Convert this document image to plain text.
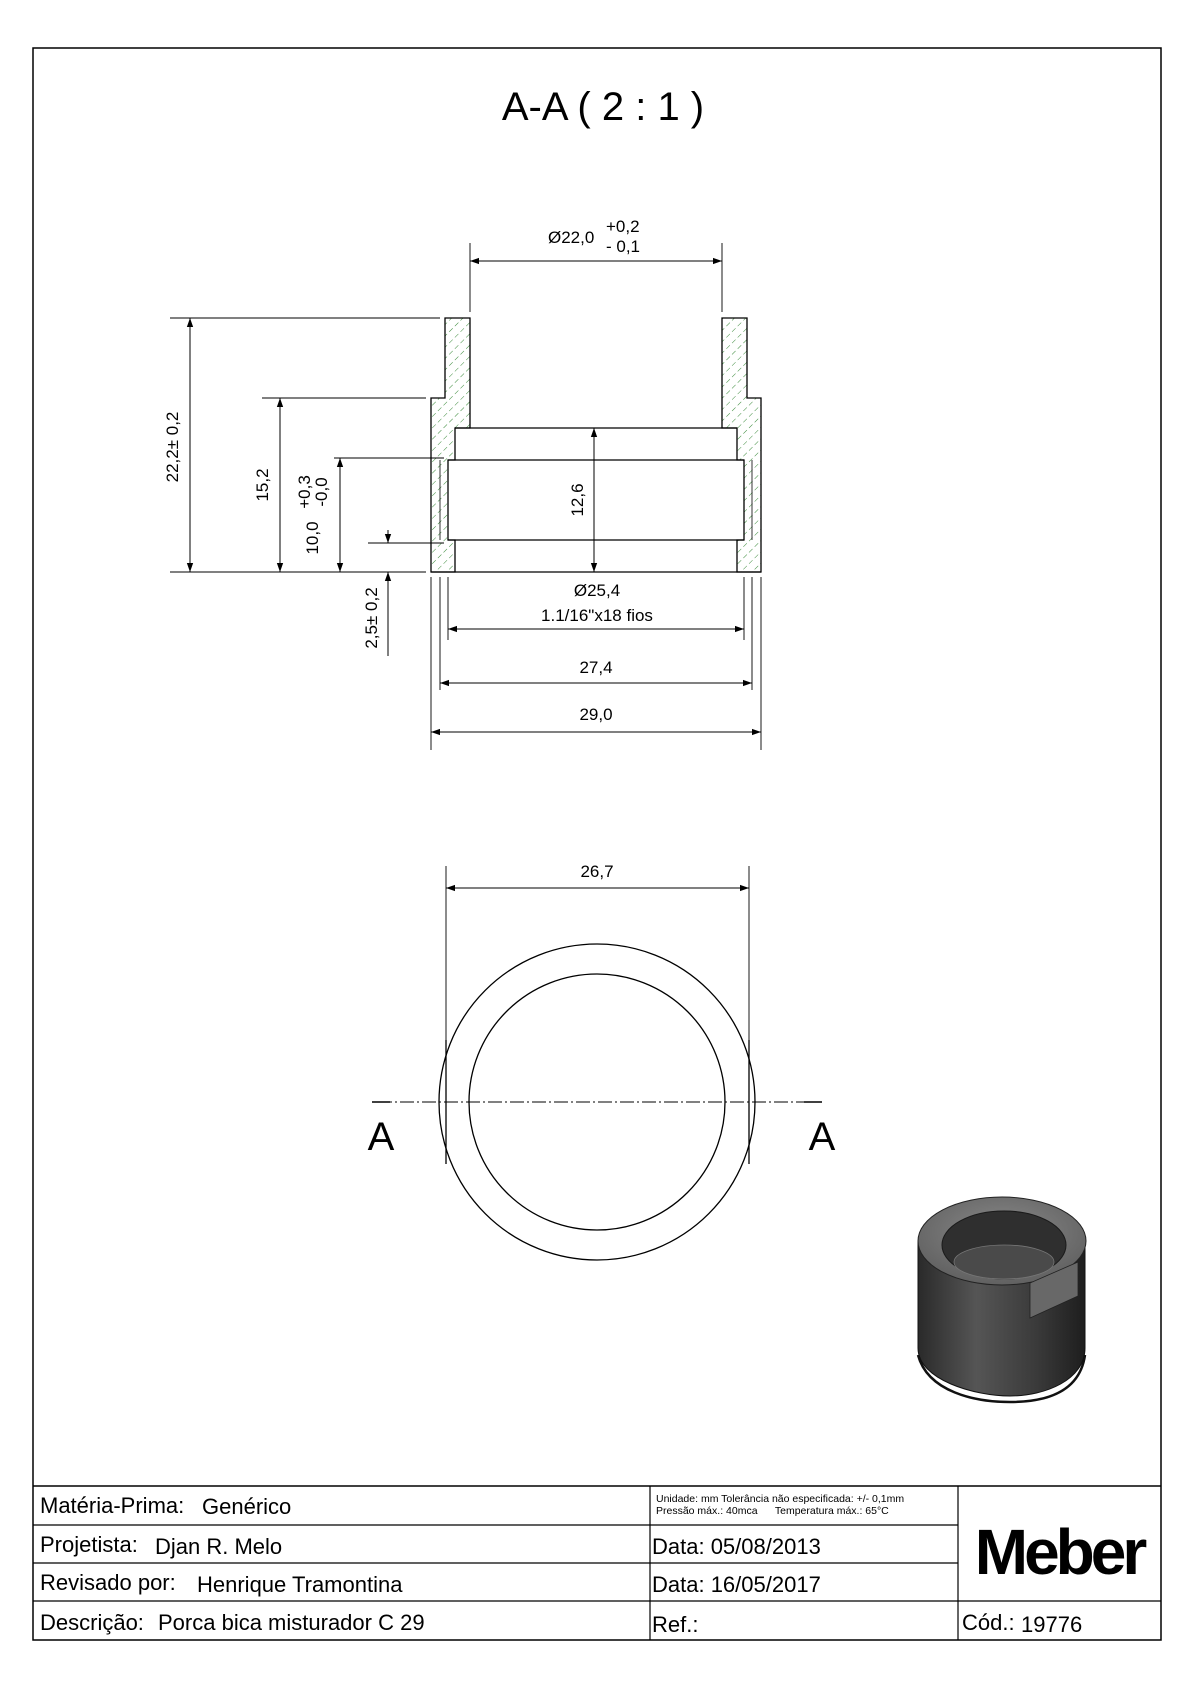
A-A ( 2 : 1 )
Ø22,0
+0,2
- 0,1
22,2± 0,2
15,2
10,0
+0,3
-0,0
2,5± 0,2
12,6
Ø25,4
1.1/16"x18 fios
27,4
29,0
A	A
26,7
Matéria-Prima: Genérico
Projetista: Djan R. Melo
Revisado por: Henrique Tramontina
Descrição: Porca bica misturador C 29
Unidade: mm Tolerância não especificada: +/- 0,1mm
Pressão máx.: 40mca      Temperatura máx.: 65°C
Data: 05/08/2013
Data: 16/05/2017
Ref.:
Meber
Cód.: 19776
